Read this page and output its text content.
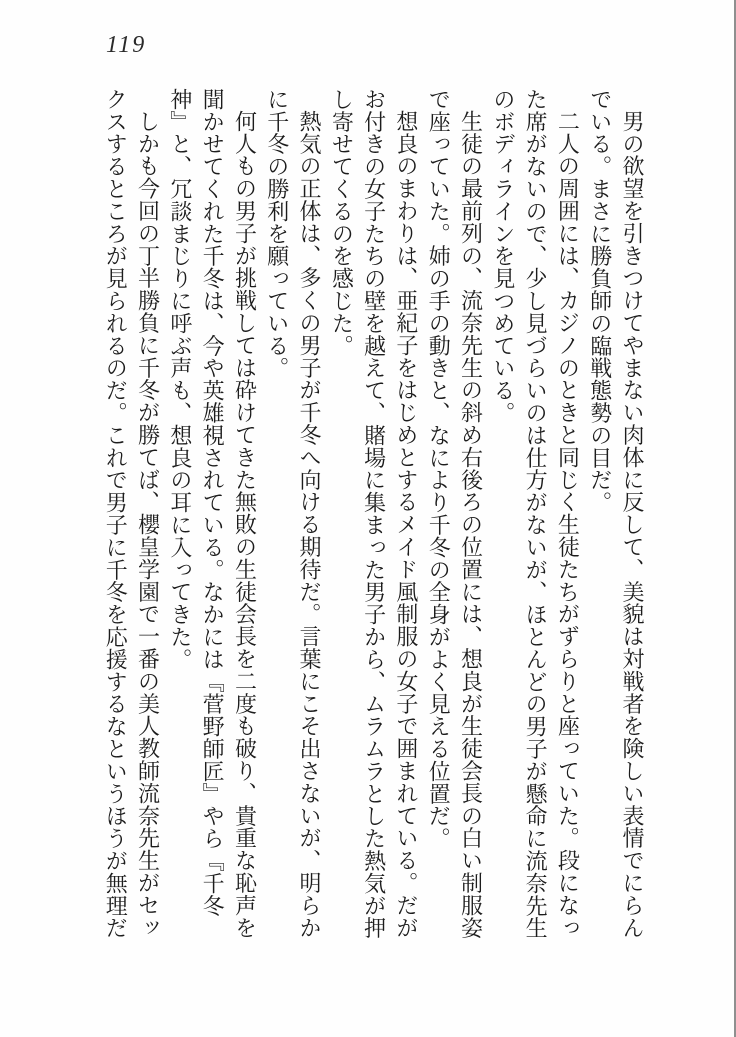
119

男の欲望を引きつけてやまない肉体に反して、美貌は対戦者を険しい表情でにらんでいる。まさに勝負師の臨戦態勢の目だ。

二人の周囲には、カジノのときと同じく生徒たちがずらりと座っていた。段になった席がないので、少し見づらいのは仕方がないが、ほとんどの男子が懸命に流奈先生のボディラインを見つめている。

生徒の最前列の、流奈先生の斜め右後ろの位置には、想良が生徒会長の白い制服姿で座っていた。姉の手の動きと、なにより千冬の全身がよく見える位置だ。

想良のまわりは、亜紀子をはじめとするメイド風制服の女子で囲まれている。だがお付きの女子たちの壁を越えて、賭場に集まった男子から、ムラムラとした熱気が押し寄せてくるのを感じた。

熱気の正体は、多くの男子が千冬へ向ける期待だ。言葉にこそ出さないが、明らかに千冬の勝利を願っている。

何人もの男子が挑戦しては砕けてきた無敗の生徒会長を二度も破り、貴重な恥声を聞かせてくれた千冬は、今や英雄視されている。なかには『菅野師匠』やら『千冬神』と、冗談まじりに呼ぶ声も、想良の耳に入ってきた。

しかも今回の丁半勝負に千冬が勝てば、櫻皇学園で一番の美人教師流奈先生がセックスするところが見られるのだ。これで男子に千冬を応援するなというほうが無理だ
